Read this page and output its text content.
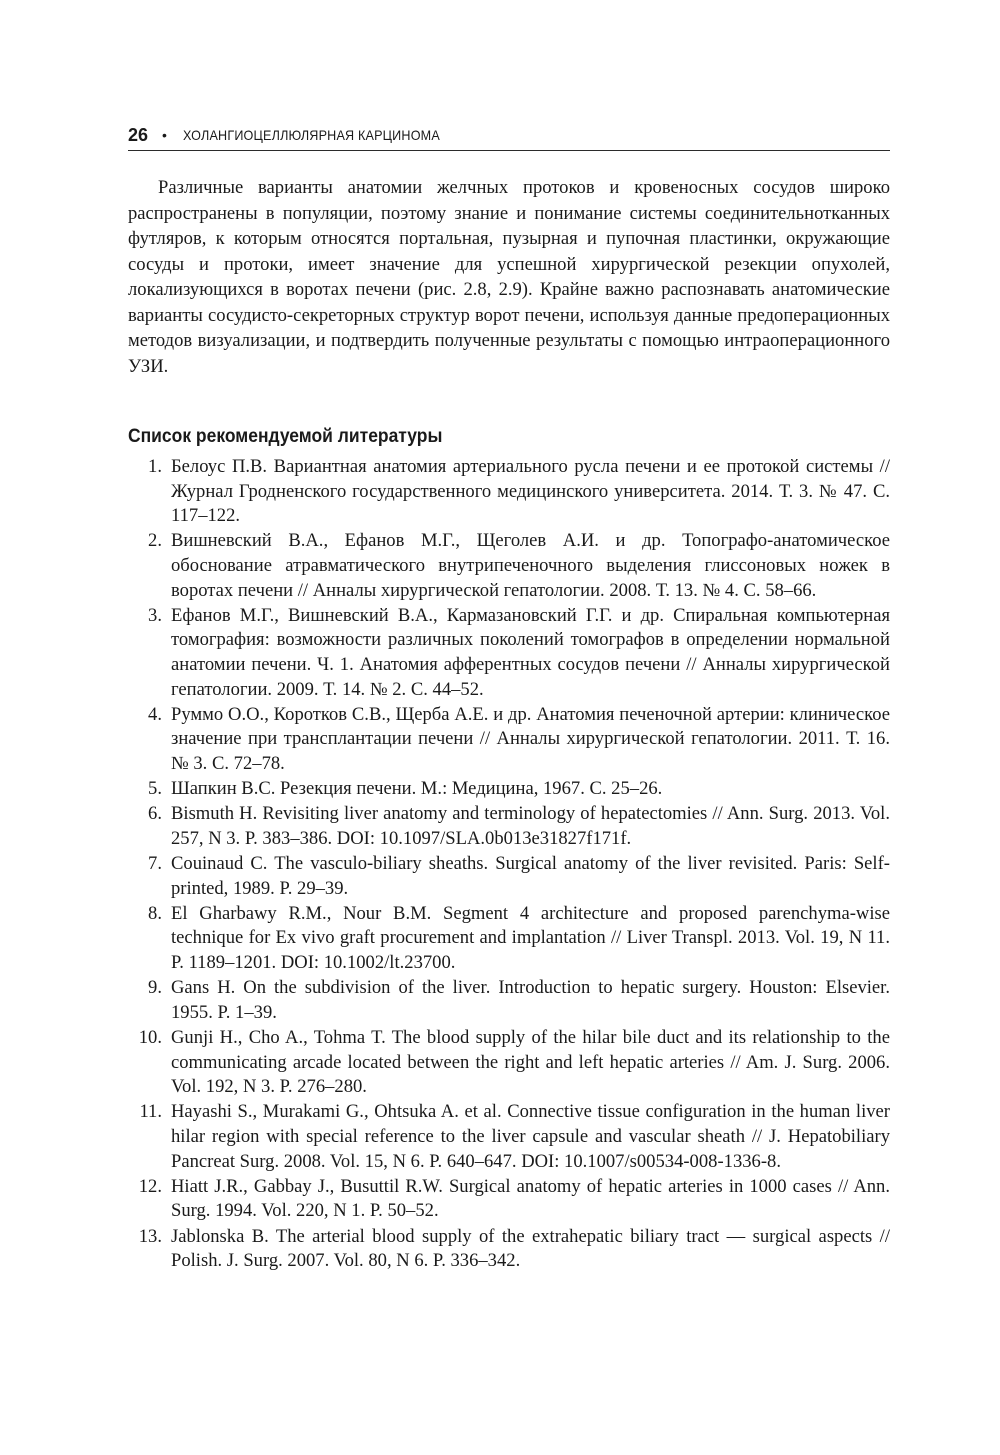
26 • ХОЛАНГИОЦЕЛЛЮЛЯРНАЯ КАРЦИНОМА

Различные варианты анатомии желчных протоков и кровеносных сосудов широко распространены в популяции, поэтому знание и понимание системы соединительнотканных футляров, к которым относятся портальная, пузырная и пупочная пластинки, окружающие сосуды и протоки, имеет значение для успешной хирургической резекции опухолей, локализующихся в воротах печени (рис. 2.8, 2.9). Крайне важно распознавать анатомические варианты сосудисто-секреторных структур ворот печени, используя данные предоперационных методов визуализации, и подтвердить полученные результаты с помощью интраоперационного УЗИ.

Список рекомендуемой литературы
1. Белоус П.В. Вариантная анатомия артериального русла печени и ее протокой системы // Журнал Гродненского государственного медицинского университета. 2014. Т. 3. № 47. С. 117–122.
2. Вишневский В.А., Ефанов М.Г., Щеголев А.И. и др. Топографо-анатомическое обоснование атравматического внутрипеченочного выделения глиссоновых ножек в воротах печени // Анналы хирургической гепатологии. 2008. Т. 13. № 4. С. 58–66.
3. Ефанов М.Г., Вишневский В.А., Кармазановский Г.Г. и др. Спиральная компьютерная томография: возможности различных поколений томографов в определении нормальной анатомии печени. Ч. 1. Анатомия афферентных сосудов печени // Анналы хирургической гепатологии. 2009. Т. 14. № 2. С. 44–52.
4. Руммо О.О., Коротков С.В., Щерба А.Е. и др. Анатомия печеночной артерии: клиническое значение при трансплантации печени // Анналы хирургической гепатологии. 2011. Т. 16. № 3. С. 72–78.
5. Шапкин В.С. Резекция печени. М.: Медицина, 1967. С. 25–26.
6. Bismuth H. Revisiting liver anatomy and terminology of hepatectomies // Ann. Surg. 2013. Vol. 257, N 3. P. 383–386. DOI: 10.1097/SLA.0b013e31827f171f.
7. Couinaud C. The vasculo-biliary sheaths. Surgical anatomy of the liver revisited. Paris: Self-printed, 1989. P. 29–39.
8. El Gharbawy R.M., Nour B.M. Segment 4 architecture and proposed parenchyma-wise technique for Ex vivo graft procurement and implantation // Liver Transpl. 2013. Vol. 19, N 11. P. 1189–1201. DOI: 10.1002/lt.23700.
9. Gans H. On the subdivision of the liver. Introduction to hepatic surgery. Houston: Elsevier. 1955. P. 1–39.
10. Gunji H., Cho A., Tohma T. The blood supply of the hilar bile duct and its relationship to the communicating arcade located between the right and left hepatic arteries // Am. J. Surg. 2006. Vol. 192, N 3. P. 276–280.
11. Hayashi S., Murakami G., Ohtsuka A. et al. Connective tissue configuration in the human liver hilar region with special reference to the liver capsule and vascular sheath // J. Hepatobiliary Pancreat Surg. 2008. Vol. 15, N 6. P. 640–647. DOI: 10.1007/s00534-008-1336-8.
12. Hiatt J.R., Gabbay J., Busuttil R.W. Surgical anatomy of hepatic arteries in 1000 cases // Ann. Surg. 1994. Vol. 220, N 1. P. 50–52.
13. Jablonska B. The arterial blood supply of the extrahepatic biliary tract — surgical aspects // Polish. J. Surg. 2007. Vol. 80, N 6. P. 336–342.
